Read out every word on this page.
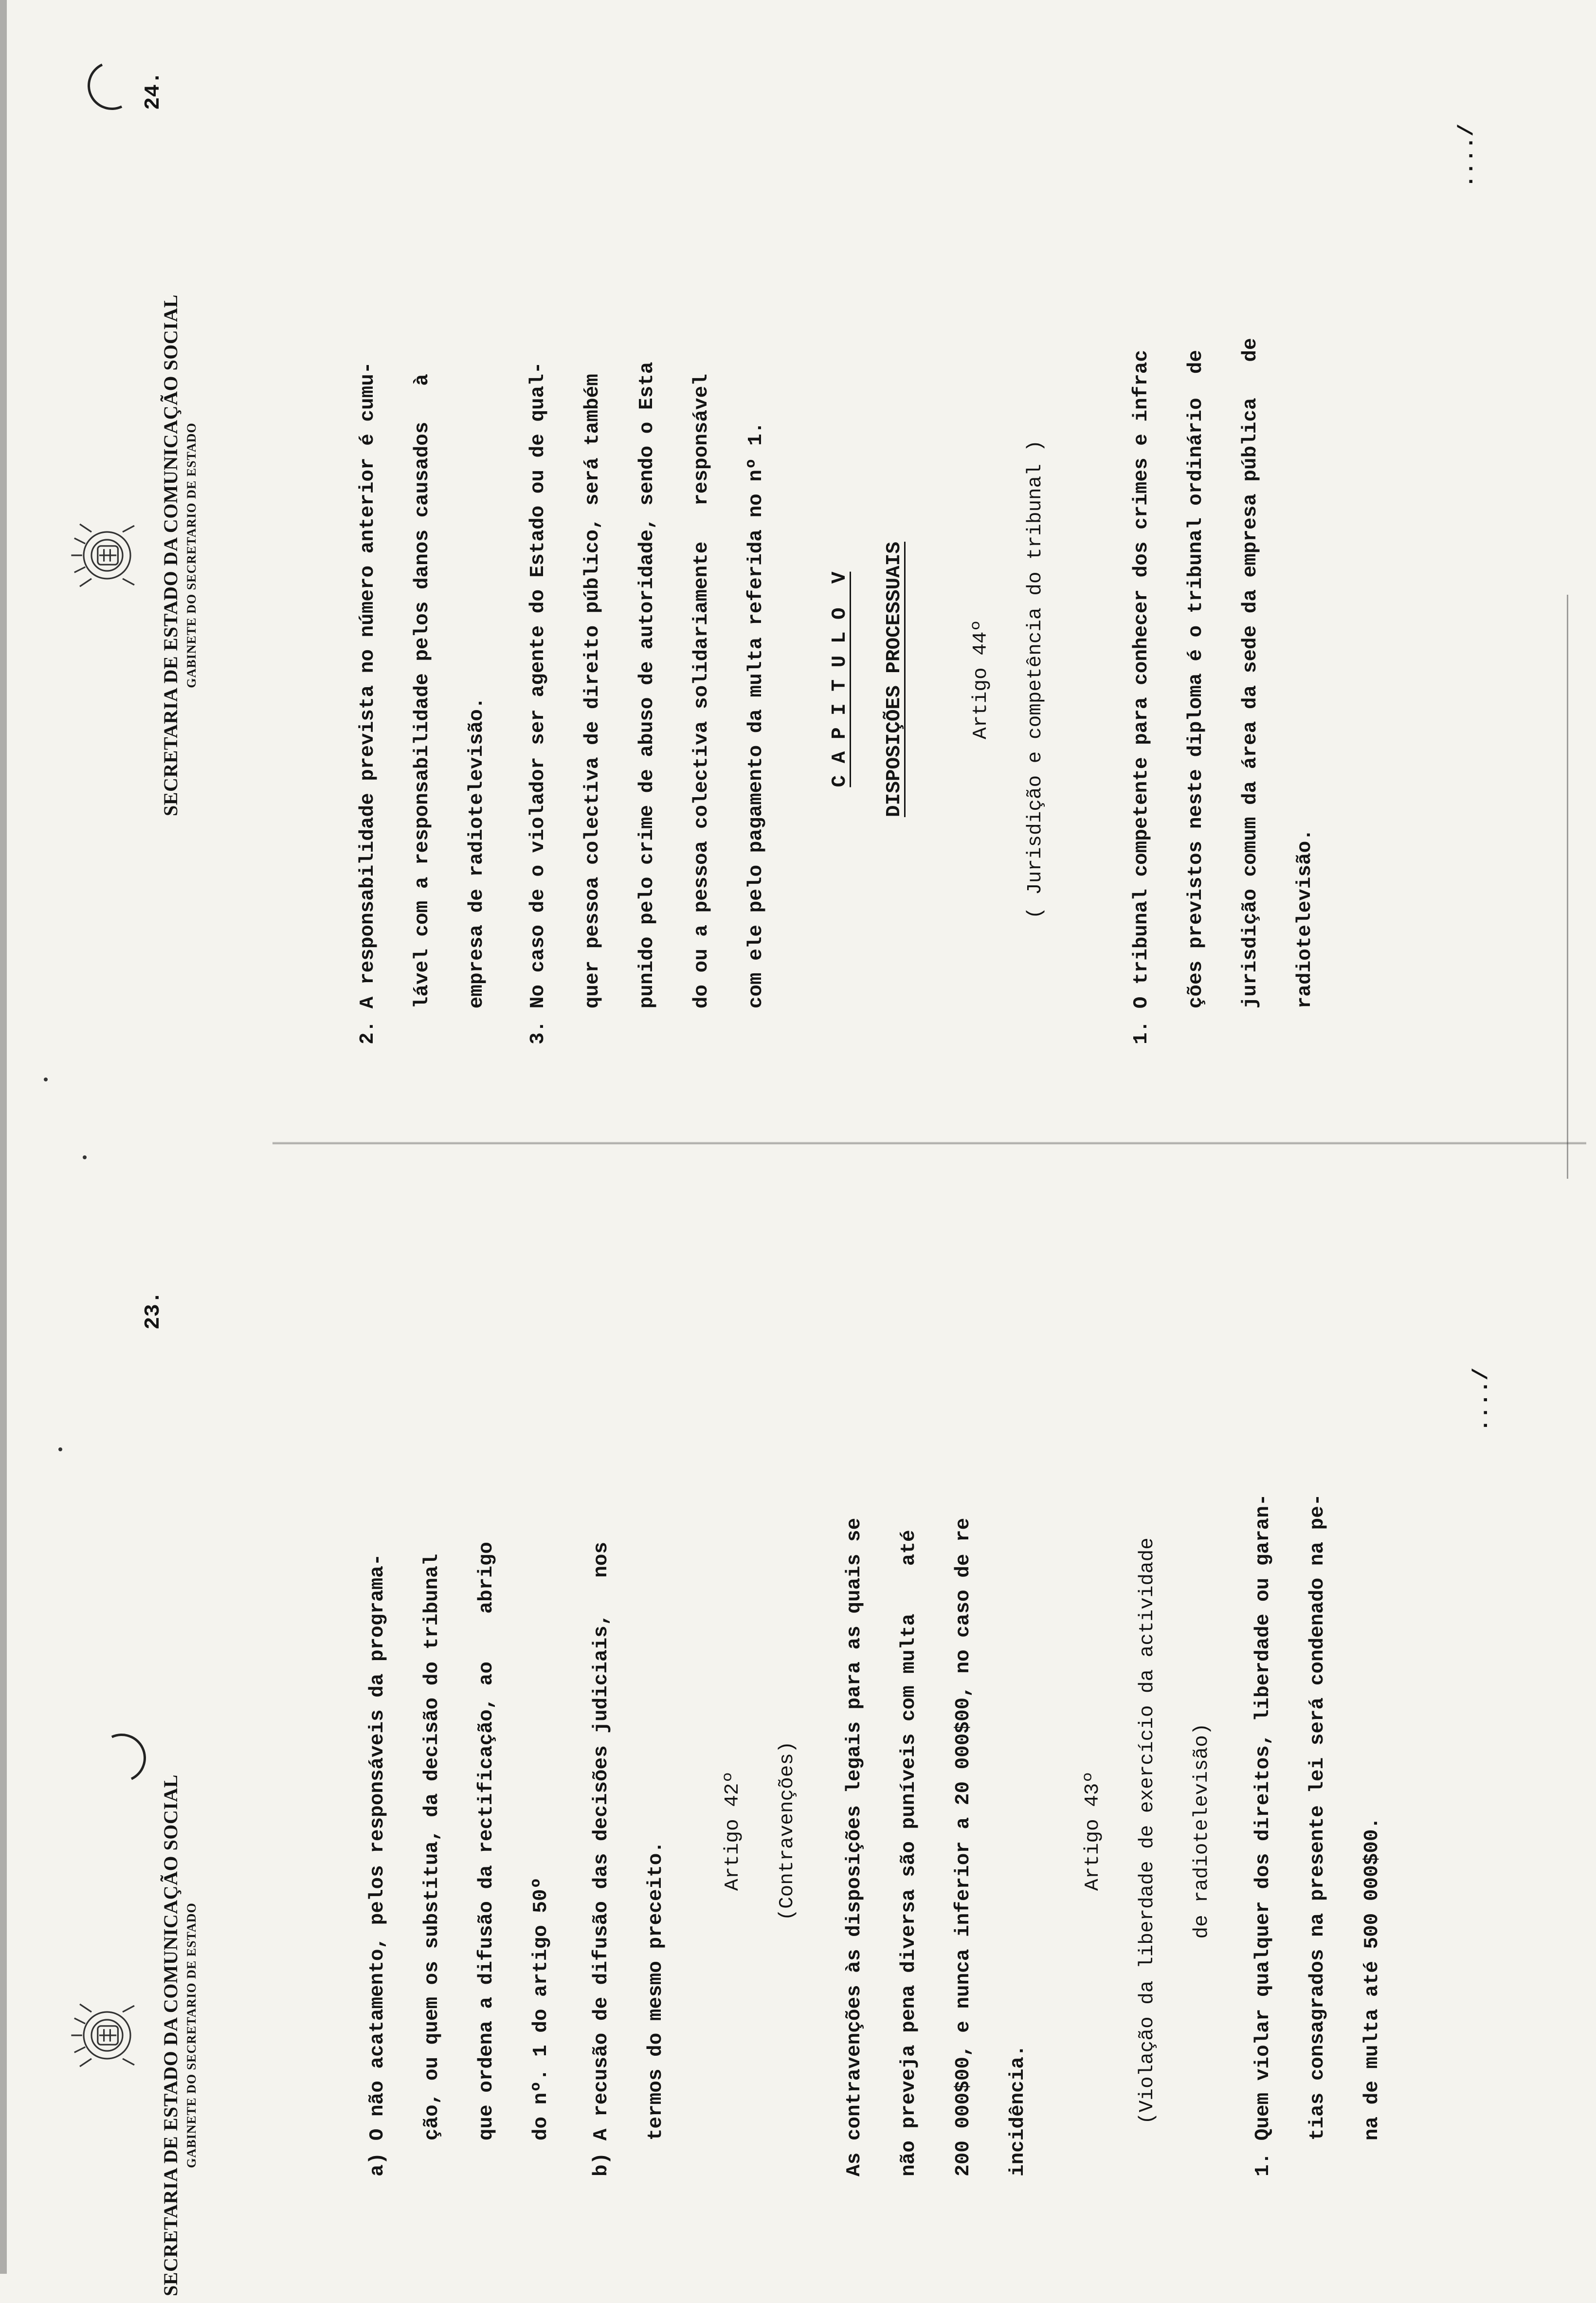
SECRETARIA DE ESTADO DA COMUNICAÇÃO SOCIAL GABINETE DO SECRETARIO DE ESTADO
23.
a) O não acatamento, pelos responsáveis da programa-	ção, ou quem os substitua, da decisão do tribunal	que ordena a difusão da rectificação, ao    abrigo	do nº. 1 do artigo 50º	b) A recusão de difusão das decisões judiciais,   nos	termos do mesmo preceito.
Artigo 42º	(Contravenções)	As contravenções às disposições legais para as quais se	não preveja pena diversa são puníveis com multa    até	200 000$00, e nunca inferior a 20 000$00, no caso de re	incidência.
Artigo 43º	(Violação da liberdade de exercício da actividade	de radiotelevisão)	1. Quem violar qualquer dos direitos, liberdade ou garan-	tias consagrados na presente lei será condenado na pe-	na de multa até 500 000$00.
..../
SECRETARIA DE ESTADO DA COMUNICAÇÃO SOCIAL GABINETE DO SECRETARIO DE ESTADO
24.
2. A responsabilidade prevista no número anterior é cumu-	lável com a responsabilidade pelos danos causados   à	empresa de radiotelevisão.	3. No caso de o violador ser agente do Estado ou de qual-	quer pessoa colectiva de direito público, será também	punido pelo crime de abuso de autoridade, sendo o Esta	do ou a pessoa colectiva solidariamente   responsável	com ele pelo pagamento da multa referida no nº 1.	C A P I T U L O  V	DISPOSIÇÕES PROCESSUAIS	Artigo 44º	( Jurisdição e competência do tribunal )	1. O tribunal competente para conhecer dos crimes e infrac	ções previstos neste diploma é o tribunal ordinário  de	jurisdição comum da área da sede da empresa pública   de	radiotelevisão.
..../
